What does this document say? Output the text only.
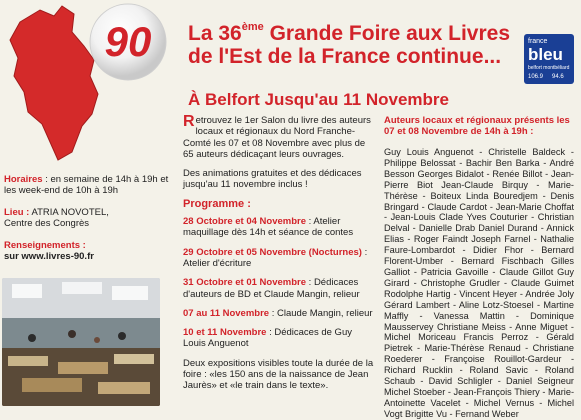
90
Horaires : en semaine de 14h à 19h et les week-end de 10h à 19h
Lieu : ATRIA NOVOTEL,
Centre des Congrès
Renseignements :
sur www.livres-90.fr
La 36ème Grande Foire aux Livres
de l'Est de la France continue...
À Belfort Jusqu'au 11 Novembre
france
bleu
belfort montbéliard
106.9 94.6

Retrouvez le 1er Salon du livre des auteurs locaux et régionaux du Nord Franche-Comté les 07 et 08 Novembre avec plus de 65 auteurs dédicaçant leurs ouvrages.

Des animations gratuites et des dédicaces jusqu'au 11 novembre inclus !

Programme :

28 Octobre et 04 Novembre : Atelier maquillage dès 14h et séance de contes

29 Octobre et 05 Novembre (Nocturnes) : Atelier d'écriture

31 Octobre et 01 Novembre : Dédicaces d'auteurs de BD et Claude Mangin, relieur

07 au 11 Novembre : Claude Mangin, relieur

10 et 11 Novembre : Dédicaces de Guy Louis Anguenot

Deux expositions visibles toute la durée de la foire : «les 150 ans de la naissance de Jean Jaurès» et «le train dans le texte».

Auteurs locaux et régionaux présents les 07 et 08 Novembre de 14h à 19h :
Guy Louis Anguenot - Christelle Baldeck - Philippe Belossat - Bachir Ben Barka - André Besson Georges Bidalot - Renée Billot - Jean-Pierre Biot Jean-Claude Birquy - Marie-Thérèse - Boiteux Linda Bouredjem - Denis Bringard - Claude Cardot - Jean-Marie Choffat - Jean-Louis Clade Yves Couturier - Christian Delval - Danielle Drab Daniel Durand - Annick Elias - Roger Faindt Joseph Farnel - Nathalie Faure-Lombardot - Didier Fhor - Bernard Florent-Umber - Bernard Fischbach Gilles Galliot - Patricia Gavoille - Claude Gillot Guy Girard - Christophe Grudler - Claude Guimet Rodolphe Hartig - Vincent Heyer - Andrée Joly Gérard Lambert - Aline Lotz-Stoesel - Martine Maffly - Vanessa Mattin - Dominique Mausservey Christiane Meiss - Anne Miguet - Michel Moriceau Francis Perroz - Gérald Pietrek - Marie-Thérèse Renaud - Christiane Roederer - Françoise Rouillot-Gardeur - Richard Rucklin - Roland Savic - Roland Schaub - David Schligler - Daniel Seigneur Michel Stoeber - Jean-François Thiery - Marie-Antoinette Vacelet - Michel Vernus - Michel Vogt Brigitte Vu - Fernand Weber
